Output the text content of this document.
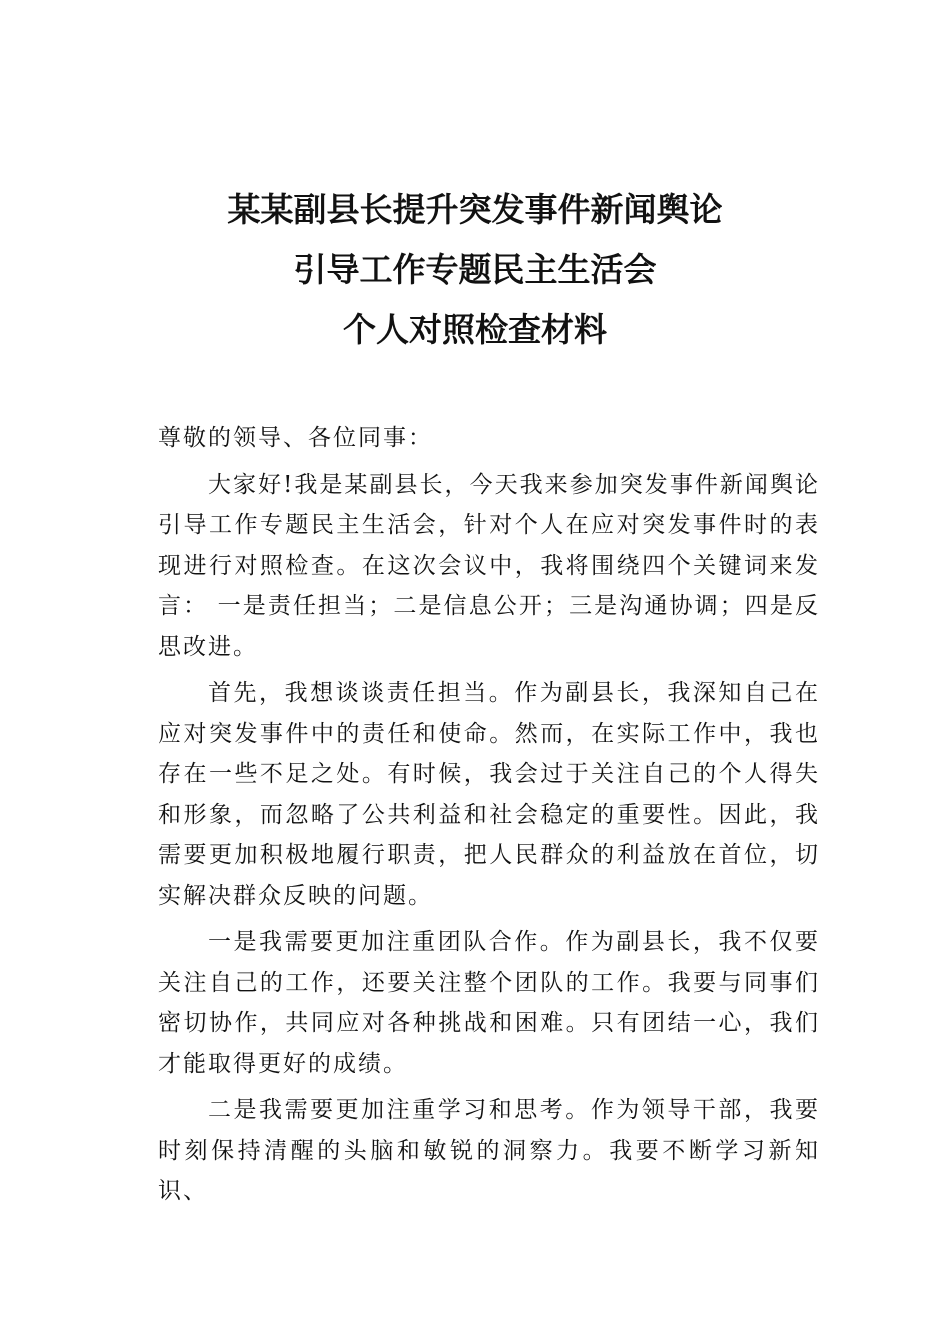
某某副县长提升突发事件新闻舆论
引导工作专题民主生活会
个人对照检查材料

尊敬的领导、各位同事：

大家好!我是某副县长，今天我来参加突发事件新闻舆论引导工作专题民主生活会，针对个人在应对突发事件时的表现进行对照检查。在这次会议中，我将围绕四个关键词来发言： 一是责任担当；二是信息公开；三是沟通协调；四是反思改进。

首先，我想谈谈责任担当。作为副县长，我深知自己在应对突发事件中的责任和使命。然而，在实际工作中，我也存在一些不足之处。有时候，我会过于关注自己的个人得失和形象，而忽略了公共利益和社会稳定的重要性。因此，我需要更加积极地履行职责，把人民群众的利益放在首位，切实解决群众反映的问题。

一是我需要更加注重团队合作。作为副县长，我不仅要关注自己的工作，还要关注整个团队的工作。我要与同事们密切协作，共同应对各种挑战和困难。只有团结一心，我们才能取得更好的成绩。

二是我需要更加注重学习和思考。作为领导干部，我要时刻保持清醒的头脑和敏锐的洞察力。我要不断学习新知识、
